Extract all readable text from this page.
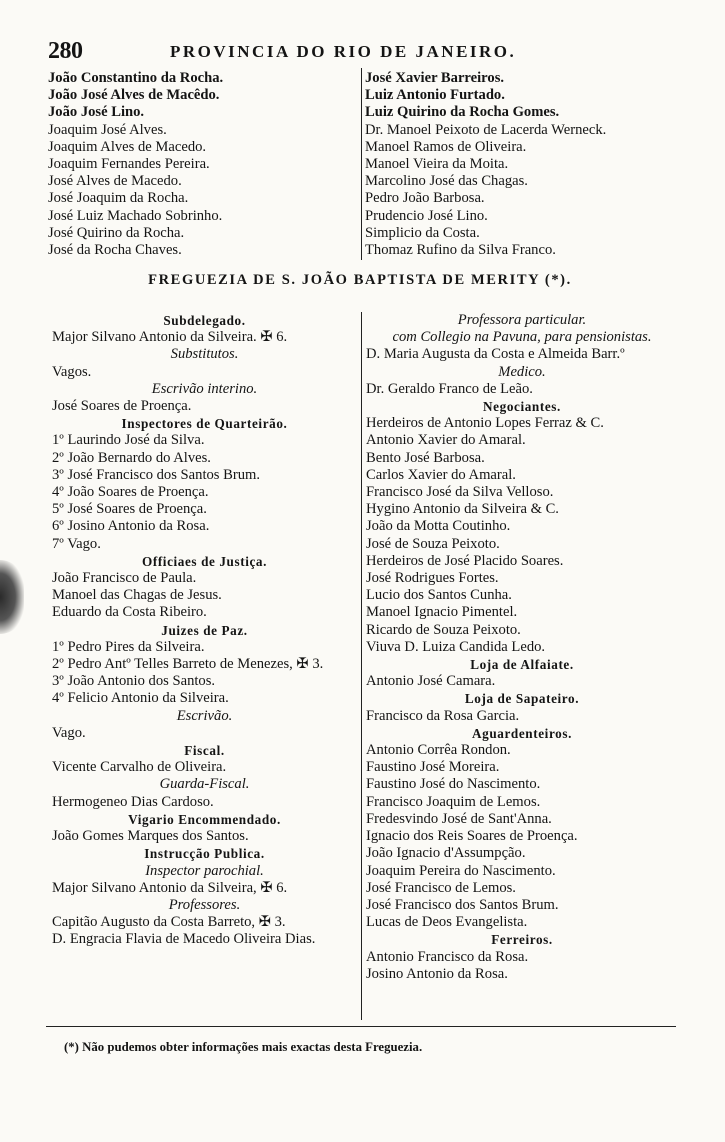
280	PROVINCIA DO RIO DE JANEIRO.
João Constantino da Rocha.
João José Alves de Macêdo.
João José Lino.
Joaquim José Alves.
Joaquim Alves de Macedo.
Joaquim Fernandes Pereira.
José Alves de Macedo.
José Joaquim da Rocha.
José Luiz Machado Sobrinho.
José Quirino da Rocha.
José da Rocha Chaves.
José Xavier Barreiros.
Luiz Antonio Furtado.
Luiz Quirino da Rocha Gomes.
Dr. Manoel Peixoto de Lacerda Werneck.
Manoel Ramos de Oliveira.
Manoel Vieira da Moita.
Marcolino José das Chagas.
Pedro João Barbosa.
Prudencio José Lino.
Simplicio da Costa.
Thomaz Rufino da Silva Franco.
FREGUEZIA DE S. JOÃO BAPTISTA DE MERITY (*).
Subdelegado.
Major Silvano Antonio da Silveira. ✠ 6.
Substitutos.
Vagos.
Escrivão interino.
José Soares de Proença.
Inspectores de Quarteirão.
1º Laurindo José da Silva.
2º João Bernardo do Alves.
3º José Francisco dos Santos Brum.
4º João Soares de Proença.
5º José Soares de Proença.
6º Josino Antonio da Rosa.
7º Vago.
Officiaes de Justiça.
João Francisco de Paula.
Manoel das Chagas de Jesus.
Eduardo da Costa Ribeiro.
Juizes de Paz.
1º Pedro Pires da Silveira.
2º Pedro Antº Telles Barreto de Menezes, ✠ 3.
3º João Antonio dos Santos.
4º Felicio Antonio da Silveira.
Escrivão.
Vago.
Fiscal.
Vicente Carvalho de Oliveira.
Guarda-Fiscal.
Hermogeneo Dias Cardoso.
Vigario Encommendado.
João Gomes Marques dos Santos.
Instrucção Publica.
Inspector parochial.
Major Silvano Antonio da Silveira, ✠ 6.
Professores.
Capitão Augusto da Costa Barreto, ✠ 3.
D. Engracia Flavia de Macedo Oliveira Dias.
Professora particular.
com Collegio na Pavuna, para pensionistas.
D. Maria Augusta da Costa e Almeida Barr.º
Medico.
Dr. Geraldo Franco de Leão.
Negociantes.
Herdeiros de Antonio Lopes Ferraz & C.
Antonio Xavier do Amaral.
Bento José Barbosa.
Carlos Xavier do Amaral.
Francisco José da Silva Velloso.
Hygino Antonio da Silveira & C.
João da Motta Coutinho.
José de Souza Peixoto.
Herdeiros de José Placido Soares.
José Rodrigues Fortes.
Lucio dos Santos Cunha.
Manoel Ignacio Pimentel.
Ricardo de Souza Peixoto.
Viuva D. Luiza Candida Ledo.
Loja de Alfaiate.
Antonio José Camara.
Loja de Sapateiro.
Francisco da Rosa Garcia.
Aguardenteiros.
Antonio Corrêa Rondon.
Faustino José Moreira.
Faustino José do Nascimento.
Francisco Joaquim de Lemos.
Fredesvindo José de Sant'Anna.
Ignacio dos Reis Soares de Proença.
João Ignacio d'Assumpção.
Joaquim Pereira do Nascimento.
José Francisco de Lemos.
José Francisco dos Santos Brum.
Lucas de Deos Evangelista.
Ferreiros.
Antonio Francisco da Rosa.
Josino Antonio da Rosa.
(*) Não pudemos obter informações mais exactas desta Freguezia.
